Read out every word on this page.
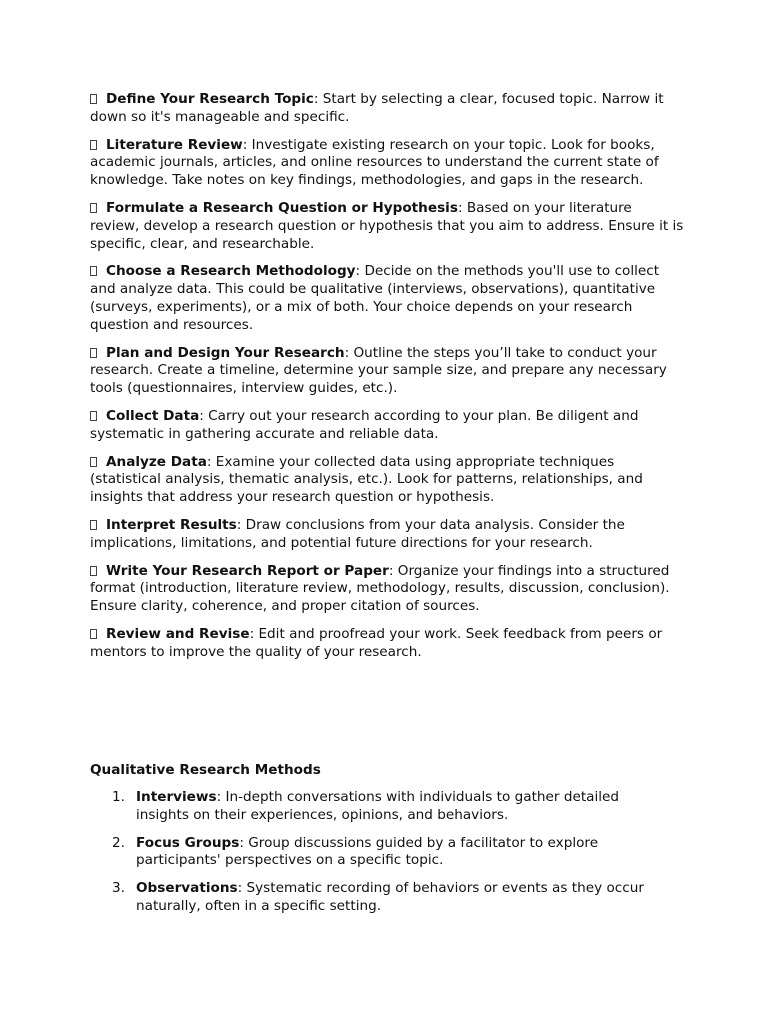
Define Your Research Topic: Start by selecting a clear, focused topic. Narrow it down so it's manageable and specific.

Literature Review: Investigate existing research on your topic. Look for books, academic journals, articles, and online resources to understand the current state of knowledge. Take notes on key findings, methodologies, and gaps in the research.

Formulate a Research Question or Hypothesis: Based on your literature review, develop a research question or hypothesis that you aim to address. Ensure it is specific, clear, and researchable.

Choose a Research Methodology: Decide on the methods you'll use to collect and analyze data. This could be qualitative (interviews, observations), quantitative (surveys, experiments), or a mix of both. Your choice depends on your research question and resources.

Plan and Design Your Research: Outline the steps you’ll take to conduct your research. Create a timeline, determine your sample size, and prepare any necessary tools (questionnaires, interview guides, etc.).

Collect Data: Carry out your research according to your plan. Be diligent and systematic in gathering accurate and reliable data.

Analyze Data: Examine your collected data using appropriate techniques (statistical analysis, thematic analysis, etc.). Look for patterns, relationships, and insights that address your research question or hypothesis.

Interpret Results: Draw conclusions from your data analysis. Consider the implications, limitations, and potential future directions for your research.

Write Your Research Report or Paper: Organize your findings into a structured format (introduction, literature review, methodology, results, discussion, conclusion). Ensure clarity, coherence, and proper citation of sources.

Review and Revise: Edit and proofread your work. Seek feedback from peers or mentors to improve the quality of your research.

Qualitative Research Methods
1. Interviews: In-depth conversations with individuals to gather detailed insights on their experiences, opinions, and behaviors.
2. Focus Groups: Group discussions guided by a facilitator to explore participants' perspectives on a specific topic.
3. Observations: Systematic recording of behaviors or events as they occur naturally, often in a specific setting.
